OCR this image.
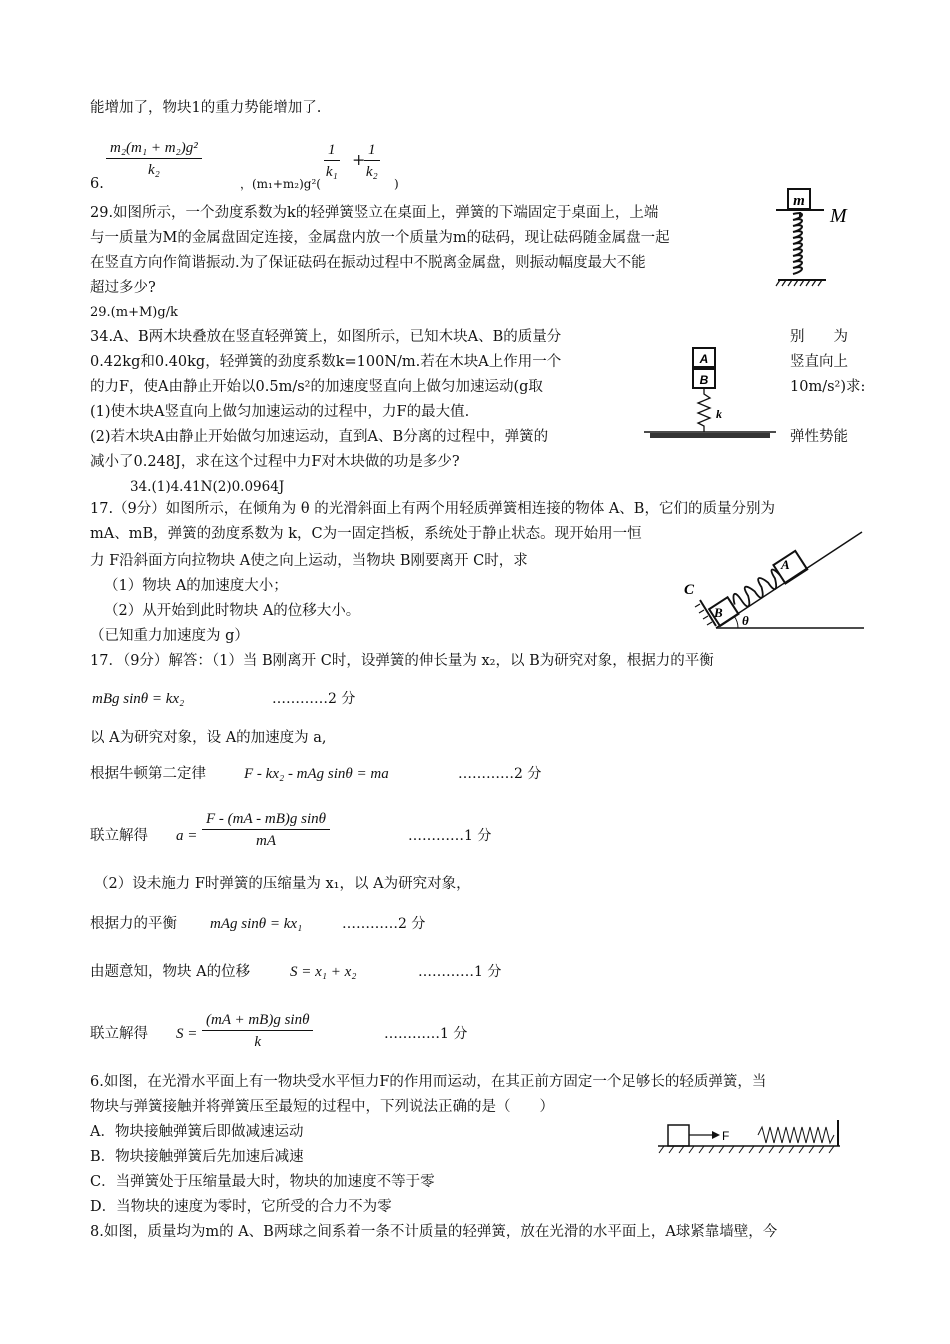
能增加了，物块1的重力势能增加了.
$\frac{\text{m₂(m₁ + m₂)g²}}{\text{k₂}}$
6.	，(m₁+m₂)g²(
$\frac{1}{\text{k₁}}$ +
$\frac{1}{\text{k₂}}$
)
29.如图所示，一个劲度系数为k的轻弹簧竖立在桌面上，弹簧的下端固定于桌面上，上端
与一质量为M的金属盘固定连接，金属盘内放一个质量为m的砝码，现让砝码随金属盘一起
在竖直方向作简谐振动.为了保证砝码在振动过程中不脱离金属盘，则振动幅度最大不能
超过多少?
29.(m+M)g/k
m
M
34.A、B两木块叠放在竖直轻弹簧上，如图所示，已知木块A、B的质量分	别　　为
0.42kg和0.40kg，轻弹簧的劲度系数k=100N/m.若在木块A上作用一个	竖直向上
的力F，使A由静止开始以0.5m/s²的加速度竖直向上做匀加速运动(g取	10m/s²)求:
(1)使木块A竖直向上做匀加速运动的过程中，力F的最大值.
(2)若木块A由静止开始做匀加速运动，直到A、B分离的过程中，弹簧的	弹性势能
减小了0.248J，求在这个过程中力F对木块做的功是多少?
34.(1)4.41N(2)0.0964J
A
B
k
17.（9分）如图所示，在倾角为 θ 的光滑斜面上有两个用轻质弹簧相连接的物体 A、B，它们的质量分别为
mA、mB，弹簧的劲度系数为 k，C为一固定挡板，系统处于静止状态。现开始用一恒
力 F沿斜面方向拉物块 A使之向上运动，当物块 B刚要离开 C时，求
（1）物块 A的加速度大小；
（2）从开始到此时物块 A的位移大小。
（已知重力加速度为 g）
C
B
A
θ
17．（9分）解答：（1）当 B刚离开 C时，设弹簧的伸长量为 x₂，以 B为研究对象，根据力的平衡
mBg sinθ = kx₂	…………2 分
以 A为研究对象，设 A的加速度为 a,
根据牛顿第二定律	F - kx₂ - mAg sinθ = ma	…………2 分
联立解得 $a = \frac{\text{F - (mA - mB)g sinθ}}{mA}$	…………1 分
（2）设未施力 F时弹簧的压缩量为 x₁，以 A为研究对象，
根据力的平衡 mAg sinθ = kx₁	…………2 分
由题意知，物块 A的位移	S = x₁ + x₂	…………1 分
联立解得 $S = \frac{\text{(mA + mB)g sinθ}}{k}$	…………1 分
6.如图，在光滑水平面上有一物块受水平恒力F的作用而运动，在其正前方固定一个足够长的轻质弹簧，当
物块与弹簧接触并将弹簧压至最短的过程中，下列说法正确的是（　　）
A．物块接触弹簧后即做减速运动
B．物块接触弹簧后先加速后减速
C．当弹簧处于压缩量最大时，物块的加速度不等于零
D．当物块的速度为零时，它所受的合力不为零
F
8.如图，质量均为m的 A、B两球之间系着一条不计质量的轻弹簧，放在光滑的水平面上，A球紧靠墙壁，今
